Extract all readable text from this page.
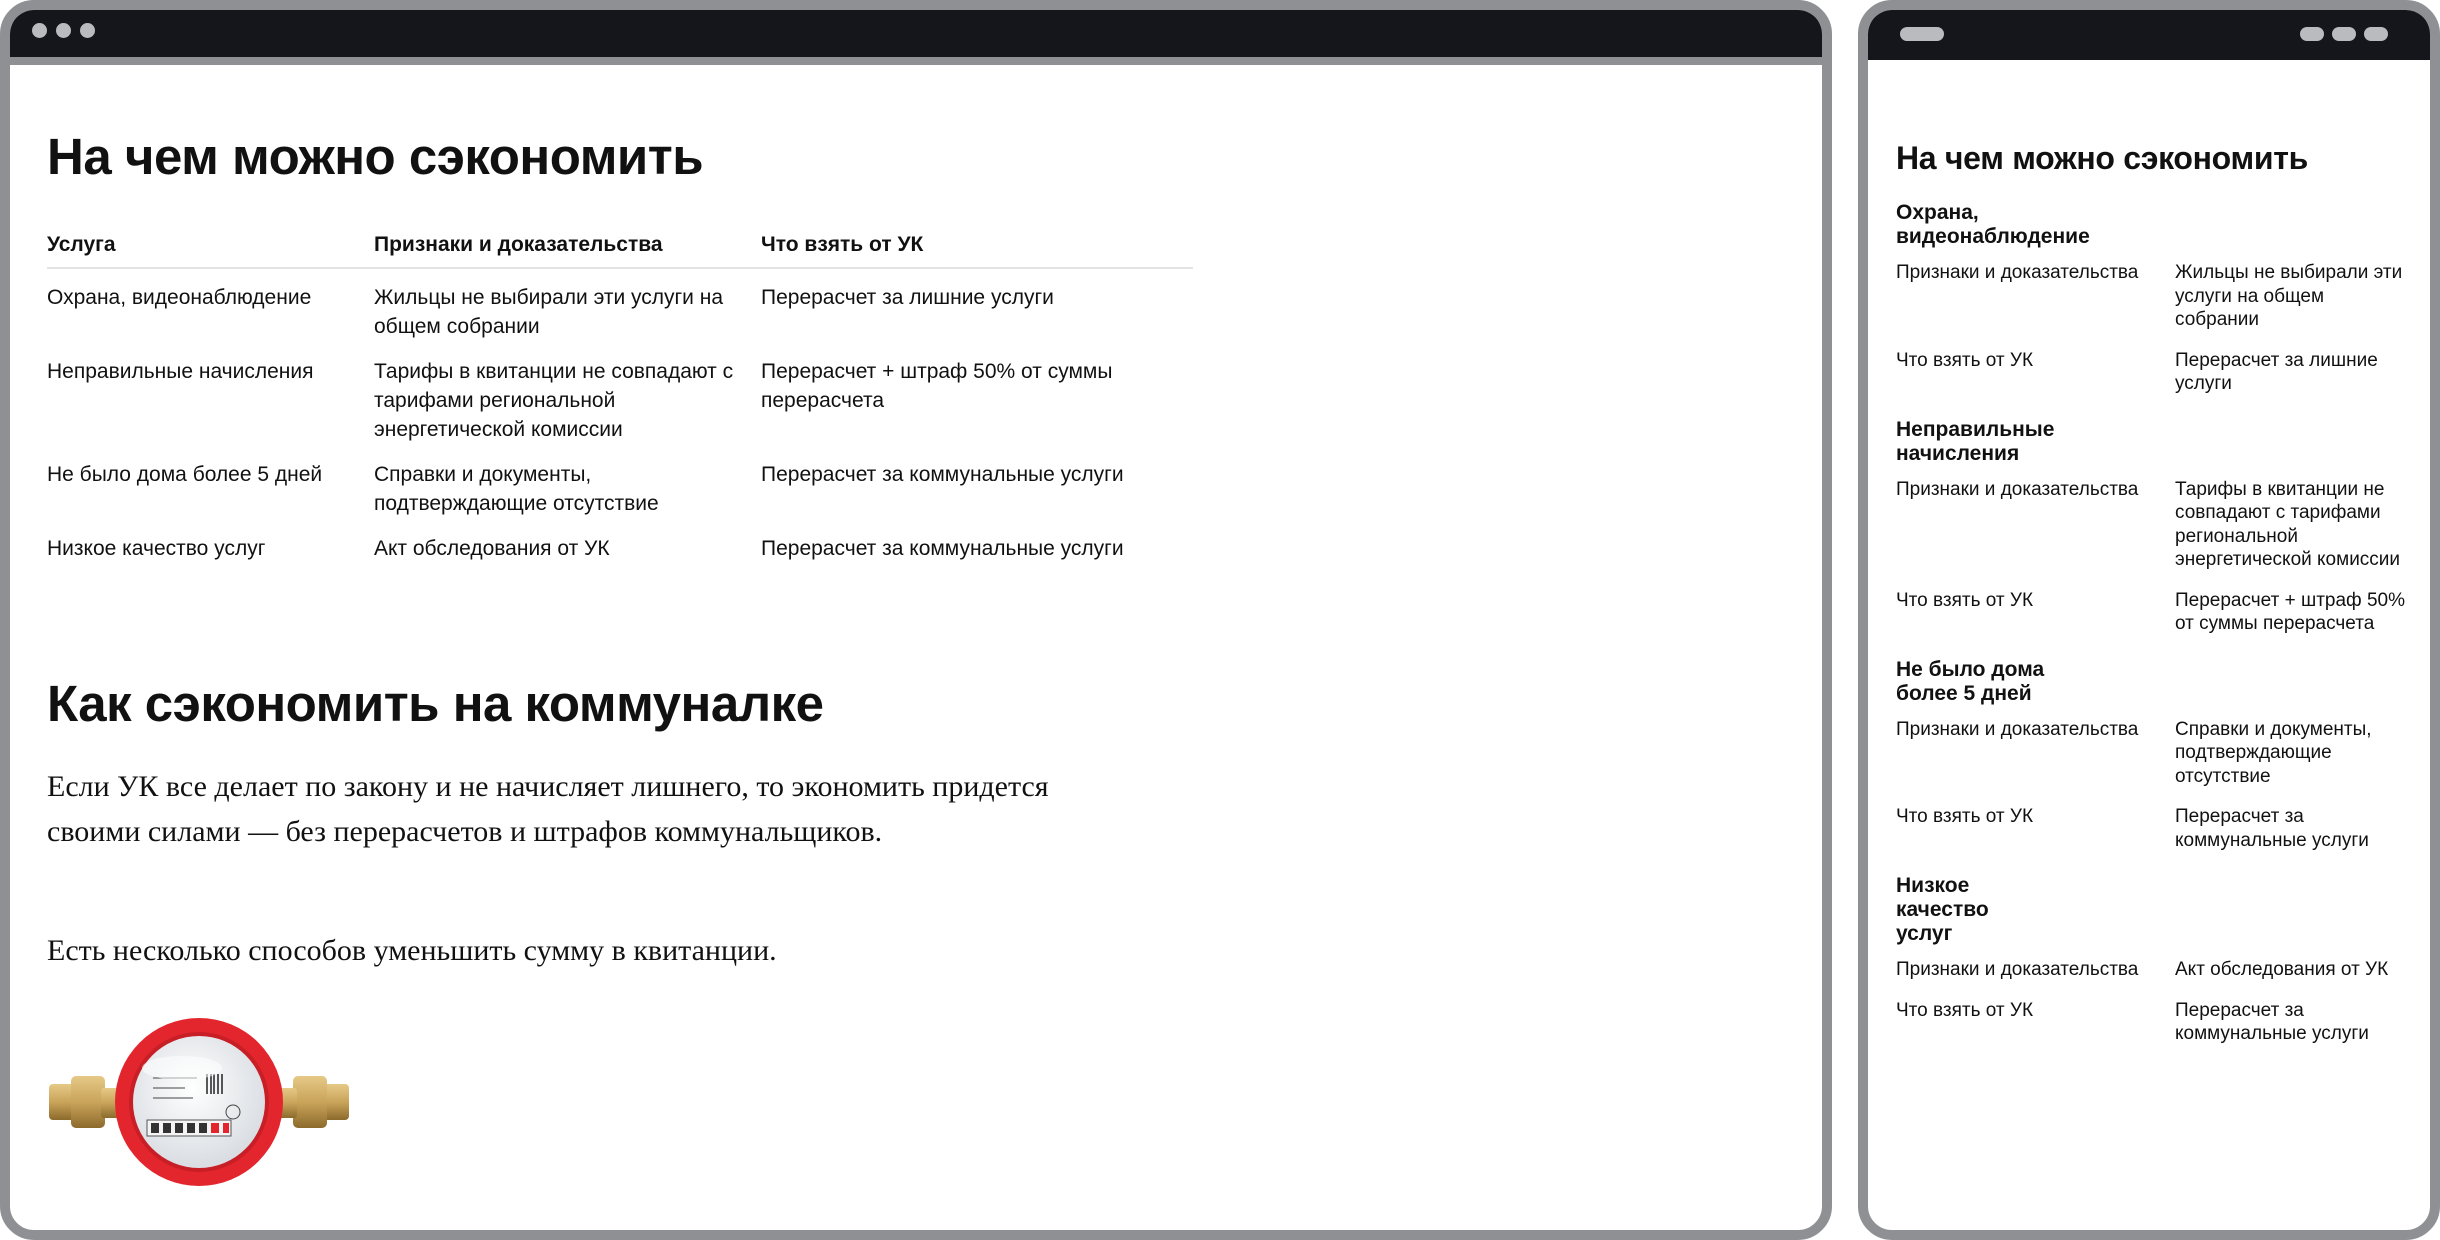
На чем можно сэкономить
Услуга	Признаки и доказательства	Что взять от УК
Охрана, видеонаблюдение	Жильцы не выбирали эти услуги на общем собрании	Перерасчет за лишние услуги

Неправильные начисления	Тарифы в квитанции не совпадают с тарифами региональной энергетической комиссии	Перерасчет + штраф 50% от суммы перерасчета

Не было дома более 5 дней	Справки и документы, подтверждающие отсутствие	Перерасчет за коммунальные услуги

Низкое качество услуг	Акт обследования от УК	Перерасчет за коммунальные услуги
Как сэкономить на коммуналке

Если УК все делает по закону и не начисляет лишнего, то экономить придется своими силами — без перерасчетов и штрафов коммунальщиков.

Есть несколько способов уменьшить сумму в квитанции.

На чем можно сэкономить
Охрана, видеонаблюдение
Признаки и доказательства	Жильцы не выбирали эти услуги на общем собрании
Что взять от УК	Перерасчет за лишние услуги
Неправильные начисления
Признаки и доказательства	Тарифы в квитанции не совпадают с тарифами региональной энергетической комиссии
Что взять от УК	Перерасчет + штраф 50% от суммы перерасчета
Не было дома более 5 дней
Признаки и доказательства	Справки и документы, подтверждающие отсутствие
Что взять от УК	Перерасчет за коммунальные услуги
Низкое качество услуг
Признаки и доказательства	Акт обследования от УК
Что взять от УК	Перерасчет за коммунальные услуги
